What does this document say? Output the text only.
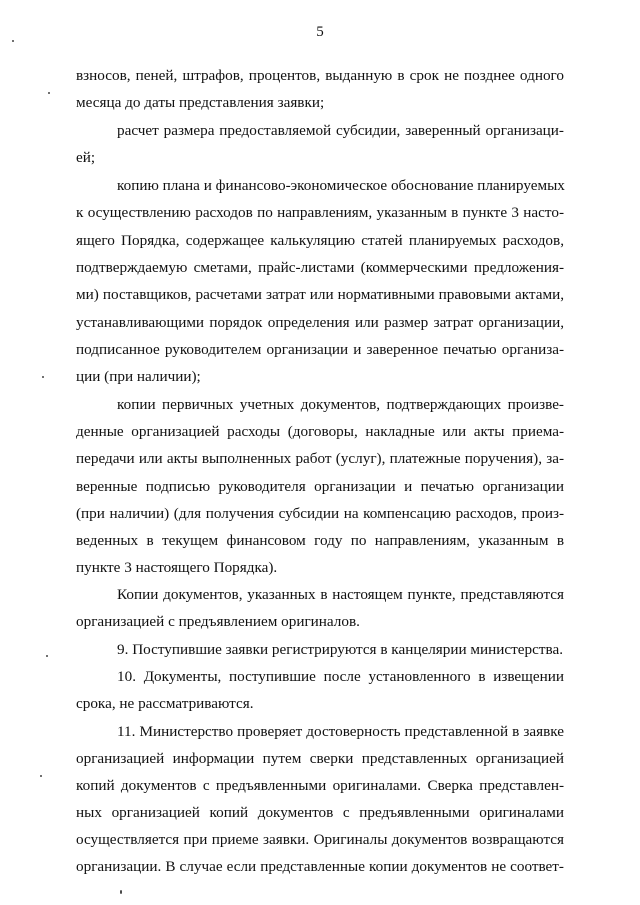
5
взносов, пеней, штрафов, процентов, выданную в срок не позднее одного
месяца до даты представления заявки;
расчет размера предоставляемой субсидии, заверенный организаци-
ей;
копию плана и финансово-экономическое обоснование планируемых
к осуществлению расходов по направлениям, указанным в пункте 3 насто-
ящего Порядка, содержащее калькуляцию статей планируемых расходов,
подтверждаемую сметами, прайс-листами (коммерческими предложения-
ми) поставщиков, расчетами затрат или нормативными правовыми актами,
устанавливающими порядок определения или размер затрат организации,
подписанное руководителем организации и заверенное печатью организа-
ции (при наличии);
копии первичных учетных документов, подтверждающих произве-
денные организацией расходы (договоры, накладные или акты приема-
передачи или акты выполненных работ (услуг), платежные поручения), за-
веренные подписью руководителя организации и печатью организации
(при наличии) (для получения субсидии на компенсацию расходов, произ-
веденных в текущем финансовом году по направлениям, указанным в
пункте 3 настоящего Порядка).
Копии документов, указанных в настоящем пункте, представляются
организацией с предъявлением оригиналов.
9. Поступившие заявки регистрируются в канцелярии министерства.
10. Документы, поступившие после установленного в извещении
срока, не рассматриваются.
11. Министерство проверяет достоверность представленной в заявке
организацией информации путем сверки представленных организацией
копий документов с предъявленными оригиналами. Сверка представлен-
ных организацией копий документов с предъявленными оригиналами
осуществляется при приеме заявки. Оригиналы документов возвращаются
организации. В случае если представленные копии документов не соответ-
